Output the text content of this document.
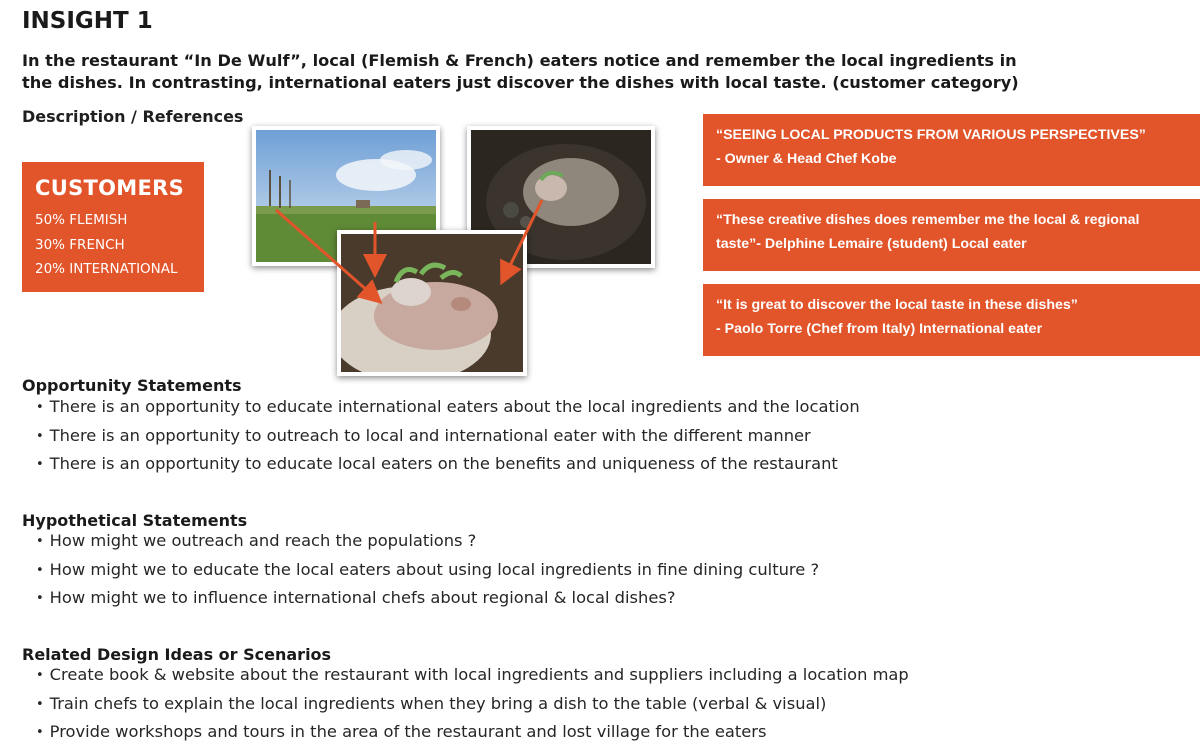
INSIGHT 1
In the restaurant “In De Wulf”, local (Flemish & French) eaters notice and remember the local ingredients in the dishes. In contrasting, international eaters just discover the dishes with local taste. (customer category)
Description / References
CUSTOMERS
50% FLEMISH
30% FRENCH
20% INTERNATIONAL
“SEEING LOCAL PRODUCTS FROM VARIOUS PERSPECTIVES”
- Owner & Head Chef Kobe
“These creative dishes does remember me the local & regional
taste”- Delphine Lemaire (student) Local eater
“It is great to discover the local taste in these dishes”
- Paolo Torre (Chef from Italy) International eater
Opportunity Statements
• There is an opportunity to educate international eaters about the local ingredients and the location
• There is an opportunity to outreach to local and international eater with the different manner
• There is an opportunity to educate local eaters on the benefits and uniqueness of the restaurant
Hypothetical Statements
• How might we outreach and reach the populations ?
• How might we to educate the local eaters about using local ingredients in fine dining culture ?
• How might we to influence international chefs about regional & local dishes?
Related Design Ideas or Scenarios
• Create book & website about the restaurant with local ingredients and suppliers including a location map
• Train chefs to explain the local ingredients when they bring a dish to the table (verbal & visual)
• Provide workshops and tours in the area of the restaurant and lost village for the eaters
